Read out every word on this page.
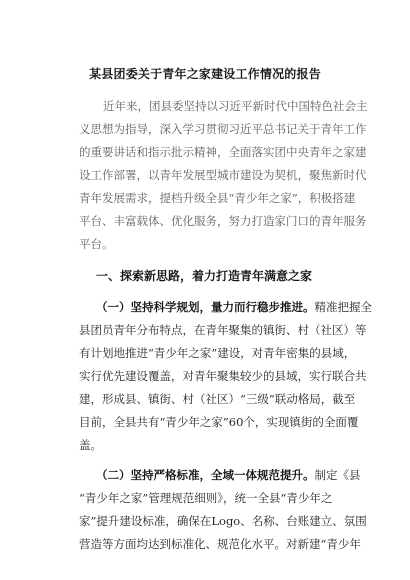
某县团委关于青年之家建设工作情况的报告
近年来，团县委坚持以习近平新时代中国特色社会主
义思想为指导，深入学习贯彻习近平总书记关于青年工作
的重要讲话和指示批示精神，全面落实团中央青年之家建
设工作部署，以青年发展型城市建设为契机，聚焦新时代
青年发展需求，提档升级全县“青少年之家”，积极搭建
平台、丰富载体、优化服务，努力打造家门口的青年服务
平台。
一、探索新思路，着力打造青年满意之家
（一）坚持科学规划，量力而行稳步推进。精准把握全
县团员青年分布特点，在青年聚集的镇街、村（社区）等
有计划地推进“青少年之家”建设，对青年密集的县域，
实行优先建设覆盖，对青年聚集较少的县域，实行联合共
建，形成县、镇街、村（社区）“三级”联动格局，截至
目前，全县共有“青少年之家”60个，实现镇街的全面覆
盖。
（二）坚持严格标准，全域一体规范提升。制定《县
“青少年之家”管理规范细则》，统一全县“青少年之
家”提升建设标准，确保在Logo、名称、台账建立、氛围
营造等方面均达到标准化、规范化水平。对新建“青少年
